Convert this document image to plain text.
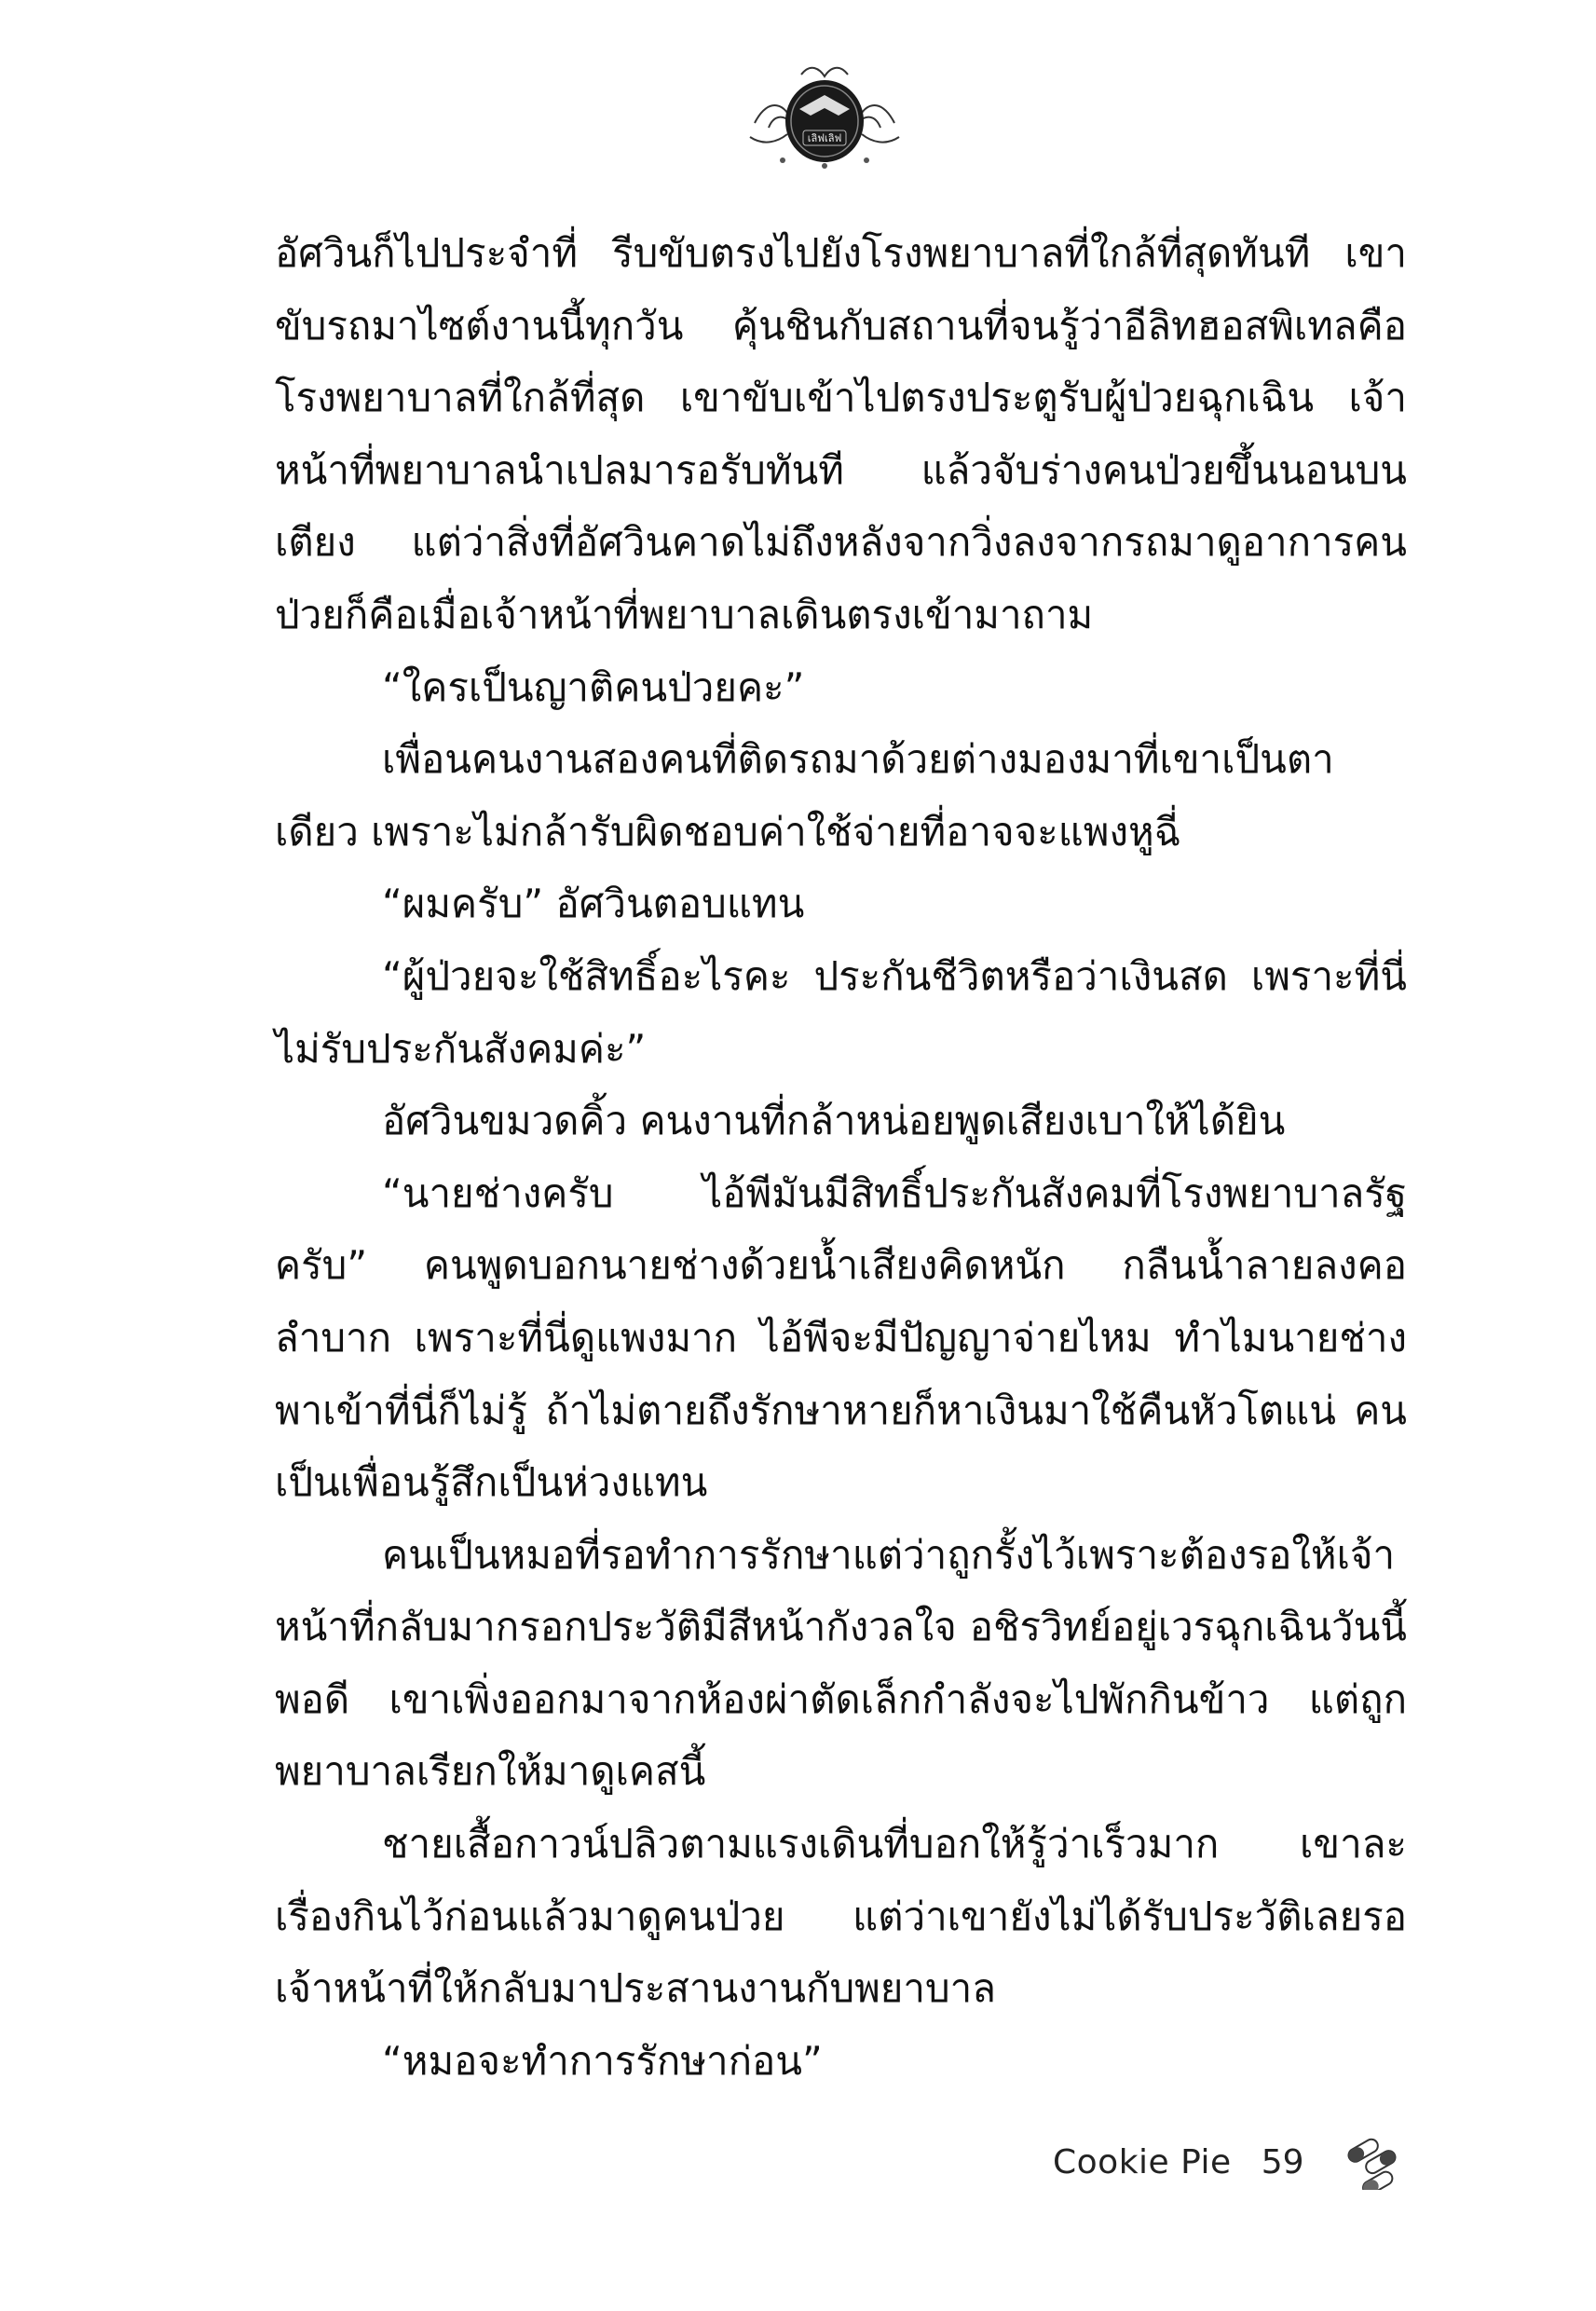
เลิฟเลิฟ

อัศวินก็ไปประจำที่ รีบขับตรงไปยังโรงพยาบาลที่ใกล้ที่สุดทันที เขาขับรถมาไซต์งานนี้ทุกวัน คุ้นชินกับสถานที่จนรู้ว่าอีลิทฮอสพิเทลคือโรงพยาบาลที่ใกล้ที่สุด เขาขับเข้าไปตรงประตูรับผู้ป่วยฉุกเฉิน เจ้าหน้าที่พยาบาลนำเปลมารอรับทันที แล้วจับร่างคนป่วยขึ้นนอนบนเตียง แต่ว่าสิ่งที่อัศวินคาดไม่ถึงหลังจากวิ่งลงจากรถมาดูอาการคนป่วยก็คือเมื่อเจ้าหน้าที่พยาบาลเดินตรงเข้ามาถาม

“ใครเป็นญาติคนป่วยคะ”

เพื่อนคนงานสองคนที่ติดรถมาด้วยต่างมองมาที่เขาเป็นตาเดียว เพราะไม่กล้ารับผิดชอบค่าใช้จ่ายที่อาจจะแพงหูฉี่

“ผมครับ” อัศวินตอบแทน

“ผู้ป่วยจะใช้สิทธิ์อะไรคะ ประกันชีวิตหรือว่าเงินสด เพราะที่นี่ไม่รับประกันสังคมค่ะ”

อัศวินขมวดคิ้ว คนงานที่กล้าหน่อยพูดเสียงเบาให้ได้ยิน

“นายช่างครับ ไอ้พีมันมีสิทธิ์ประกันสังคมที่โรงพยาบาลรัฐครับ” คนพูดบอกนายช่างด้วยน้ำเสียงคิดหนัก กลืนน้ำลายลงคอลำบาก เพราะที่นี่ดูแพงมาก ไอ้พีจะมีปัญญาจ่ายไหม ทำไมนายช่างพาเข้าที่นี่ก็ไม่รู้ ถ้าไม่ตายถึงรักษาหายก็หาเงินมาใช้คืนหัวโตแน่ คนเป็นเพื่อนรู้สึกเป็นห่วงแทน

คนเป็นหมอที่รอทำการรักษาแต่ว่าถูกรั้งไว้เพราะต้องรอให้เจ้าหน้าที่กลับมากรอกประวัติมีสีหน้ากังวลใจ อชิรวิทย์อยู่เวรฉุกเฉินวันนี้พอดี เขาเพิ่งออกมาจากห้องผ่าตัดเล็กกำลังจะไปพักกินข้าว แต่ถูกพยาบาลเรียกให้มาดูเคสนี้

ชายเสื้อกาวน์ปลิวตามแรงเดินที่บอกให้รู้ว่าเร็วมาก เขาละเรื่องกินไว้ก่อนแล้วมาดูคนป่วย แต่ว่าเขายังไม่ได้รับประวัติเลยรอเจ้าหน้าที่ให้กลับมาประสานงานกับพยาบาล

“หมอจะทำการรักษาก่อน”

Cookie Pie 59
